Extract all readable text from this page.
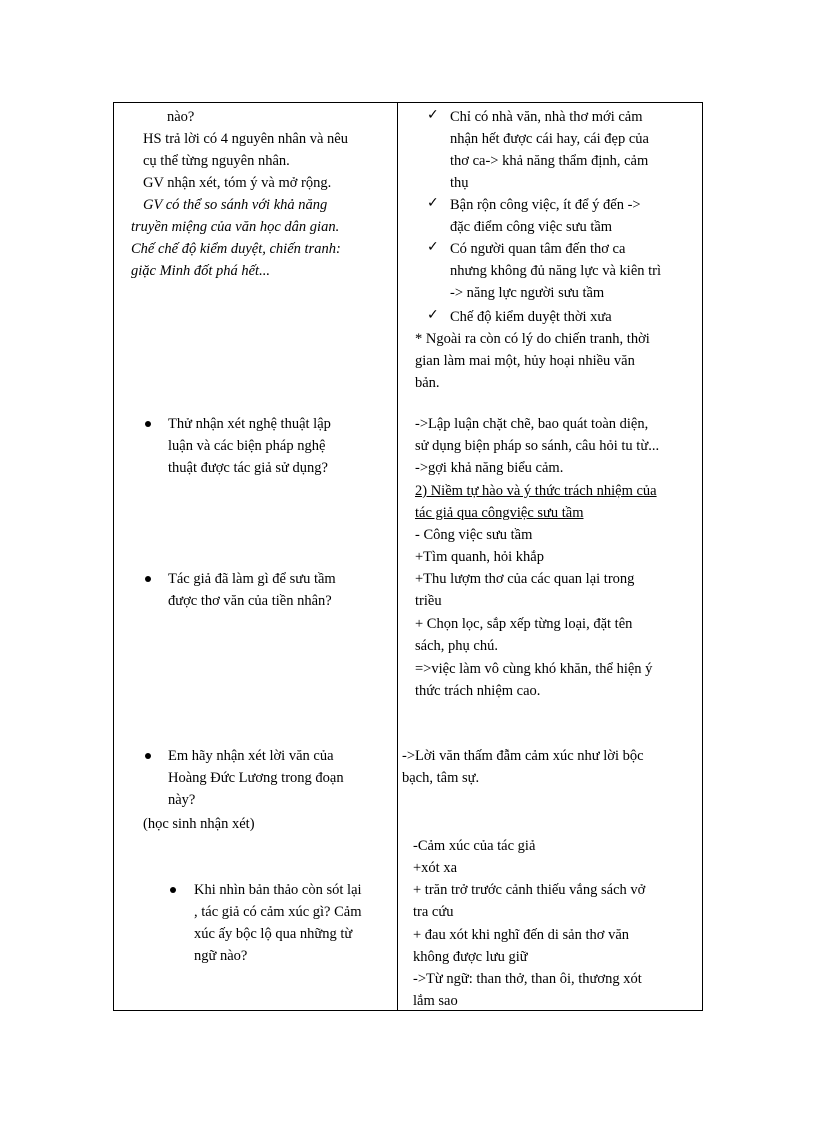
nào?
HS trả lời có 4 nguyên nhân và nêu
cụ thể từng nguyên nhân.
GV nhận xét, tóm ý và mở rộng.
GV có thể so sánh với khả năng
truyền miệng của văn học dân gian.
Chế chế độ kiểm duyệt, chiến tranh:
giặc Minh đốt phá hết...
Thử nhận xét nghệ thuật lập
luận và các biện pháp nghệ
thuật được tác giả sử dụng?
Tác giả đã làm gì để sưu tầm
được thơ văn của tiền nhân?
Em hãy nhận xét lời văn của
Hoàng Đức Lương trong đoạn
này?
(học sinh nhận xét)
Khi nhìn bản thảo còn sót lại
, tác giả có cảm xúc gì? Cảm
xúc ấy bộc lộ qua những từ
ngữ nào?
✓ Chỉ có nhà văn, nhà thơ mới cảm
nhận hết được cái hay, cái đẹp của
thơ ca-> khả năng thẩm định, cảm
thụ
✓ Bận rộn công việc, ít để ý đến ->
đặc điểm công việc sưu tầm
✓ Có người quan tâm đến thơ ca
nhưng không đủ năng lực và kiên trì
-> năng lực người sưu tầm
✓ Chế độ kiểm duyệt thời xưa
* Ngoài ra còn có lý do chiến tranh, thời
gian làm mai một, hủy hoại nhiều văn
bản.
->Lập luận chặt chẽ, bao quát toàn diện,
sử dụng biện pháp so sánh, câu hỏi tu từ...
->gợi khả năng biểu cảm.
2) Niềm tự hào và ý thức trách nhiệm của
tác giả qua côngviệc sưu tầm
- Công việc sưu tầm
+Tìm quanh, hỏi khắp
+Thu lượm thơ của các quan lại trong
triều
+ Chọn lọc, sắp xếp từng loại, đặt tên
sách, phụ chú.
=>việc làm vô cùng khó khăn, thể hiện ý
thức trách nhiệm cao.
->Lời văn thấm đẫm cảm xúc như lời bộc
bạch, tâm sự.
-Cảm xúc của tác giả
+xót xa
+ trăn trở trước cảnh thiếu vắng sách vở
tra cứu
+ đau xót khi nghĩ đến di sản thơ văn
không được lưu giữ
->Từ ngữ: than thở, than ôi, thương xót
lắm sao
